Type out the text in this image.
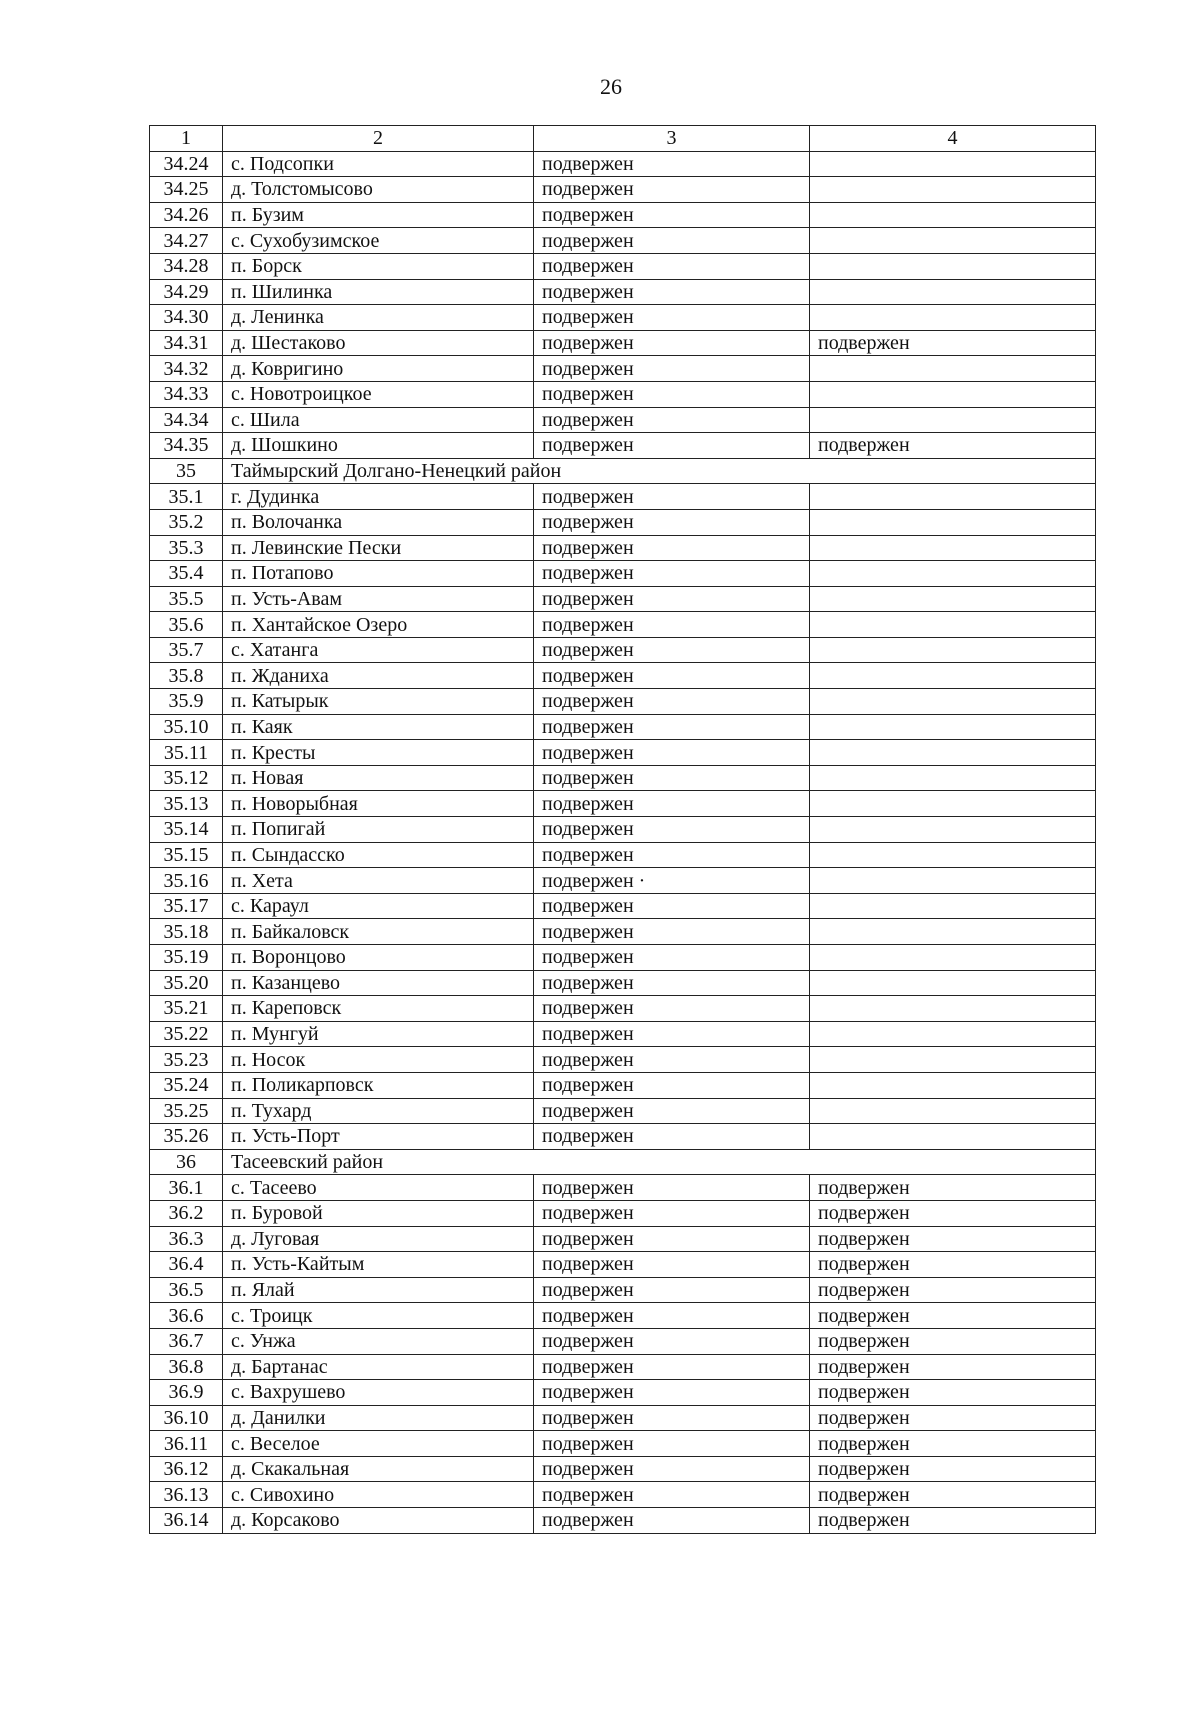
26
1	2	3	4
34.24	с. Подсопки	подвержен	
34.25	д. Толстомысово	подвержен	
34.26	п. Бузим	подвержен	
34.27	с. Сухобузимское	подвержен	
34.28	п. Борск	подвержен	
34.29	п. Шилинка	подвержен	
34.30	д. Ленинка	подвержен	
34.31	д. Шестаково	подвержен	подвержен
34.32	д. Ковригино	подвержен	
34.33	с. Новотроицкое	подвержен	
34.34	с. Шила	подвержен	
34.35	д. Шошкино	подвержен	подвержен
35	Таймырский Долгано-Ненецкий район		
35.1	г. Дудинка	подвержен	
35.2	п. Волочанка	подвержен	
35.3	п. Левинские Пески	подвержен	
35.4	п. Потапово	подвержен	
35.5	п. Усть-Авам	подвержен	
35.6	п. Хантайское Озеро	подвержен	
35.7	с. Хатанга	подвержен	
35.8	п. Жданиха	подвержен	
35.9	п. Катырык	подвержен	
35.10	п. Каяк	подвержен	
35.11	п. Кресты	подвержен	
35.12	п. Новая	подвержен	
35.13	п. Новорыбная	подвержен	
35.14	п. Попигай	подвержен	
35.15	п. Сындасско	подвержен	
35.16	п. Хета	подвержен ·	
35.17	с. Караул	подвержен	
35.18	п. Байкаловск	подвержен	
35.19	п. Воронцово	подвержен	
35.20	п. Казанцево	подвержен	
35.21	п. Кареповск	подвержен	
35.22	п. Мунгуй	подвержен	
35.23	п. Носок	подвержен	
35.24	п. Поликарповск	подвержен	
35.25	п. Тухард	подвержен	
35.26	п. Усть-Порт	подвержен	
36	Тасеевский район		
36.1	с. Тасеево	подвержен	подвержен
36.2	п. Буровой	подвержен	подвержен
36.3	д. Луговая	подвержен	подвержен
36.4	п. Усть-Кайтым	подвержен	подвержен
36.5	п. Ялай	подвержен	подвержен
36.6	с. Троицк	подвержен	подвержен
36.7	с. Унжа	подвержен	подвержен
36.8	д. Бартанас	подвержен	подвержен
36.9	с. Вахрушево	подвержен	подвержен
36.10	д. Данилки	подвержен	подвержен
36.11	с. Веселое	подвержен	подвержен
36.12	д. Скакальная	подвержен	подвержен
36.13	с. Сивохино	подвержен	подвержен
36.14	д. Корсаково	подвержен	подвержен
